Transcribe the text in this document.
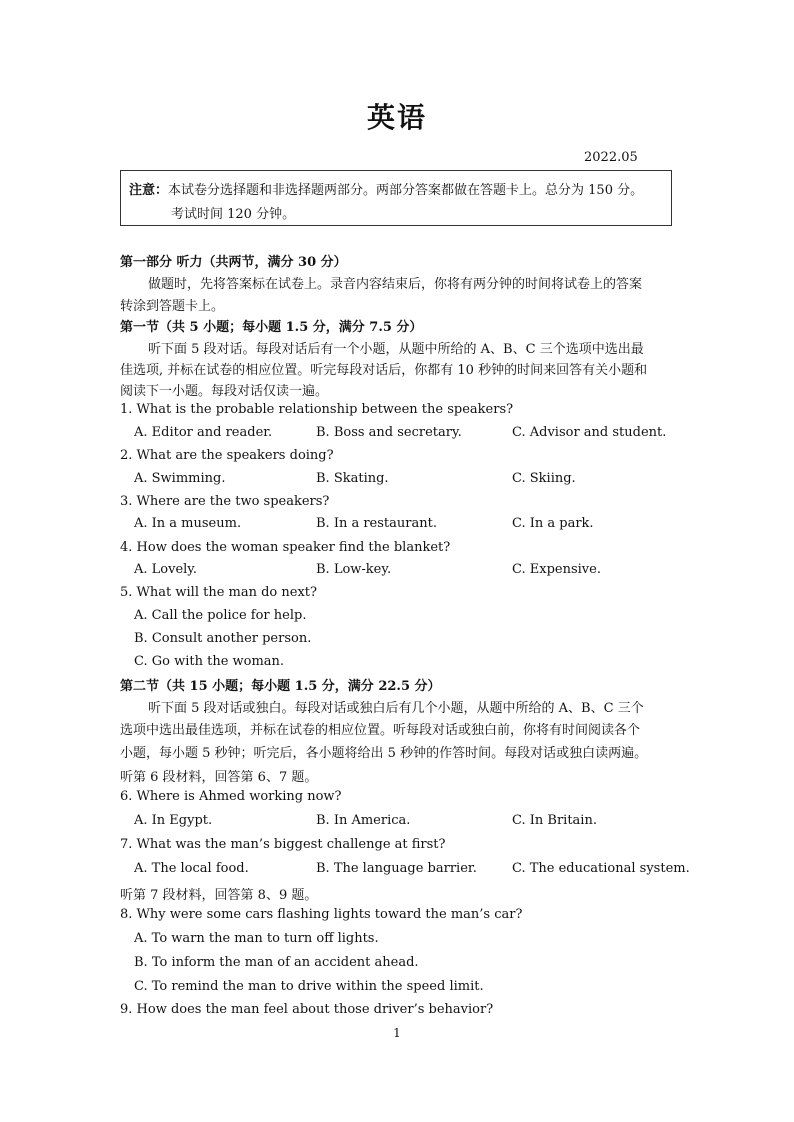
英语
2022.05
注意：本试卷分选择题和非选择题两部分。两部分答案都做在答题卡上。总分为 150 分。
考试时间 120 分钟。
第一部分 听力（共两节，满分 30 分）
做题时，先将答案标在试卷上。录音内容结束后，你将有两分钟的时间将试卷上的答案
转涂到答题卡上。
第一节（共 5 小题；每小题 1.5 分，满分 7.5 分）
听下面 5 段对话。每段对话后有一个小题，从题中所给的 A、B、C 三个选项中选出最
佳选项, 并标在试卷的相应位置。听完每段对话后，你都有 10 秒钟的时间来回答有关小题和
阅读下一小题。每段对话仅读一遍。
1. What is the probable relationship between the speakers?
A. Editor and reader.	B. Boss and secretary.	C. Advisor and student.
2. What are the speakers doing?
A. Swimming.	B. Skating.	C. Skiing.
3. Where are the two speakers?
A. In a museum.	B. In a restaurant.	C. In a park.
4. How does the woman speaker find the blanket?
A. Lovely.	B. Low-key.	C. Expensive.
5. What will the man do next?
A. Call the police for help.
B. Consult another person.
C. Go with the woman.
第二节（共 15 小题；每小题 1.5 分，满分 22.5 分）
听下面 5 段对话或独白。每段对话或独白后有几个小题，从题中所给的 A、B、C 三个
选项中选出最佳选项，并标在试卷的相应位置。听每段对话或独白前，你将有时间阅读各个
小题，每小题 5 秒钟；听完后，各小题将给出 5 秒钟的作答时间。每段对话或独白读两遍。
听第 6 段材料，回答第 6、7 题。
6. Where is Ahmed working now?
A. In Egypt.	B. In America.	C. In Britain.
7. What was the man’s biggest challenge at first?
A. The local food.	B. The language barrier.	C. The educational system.
听第 7 段材料，回答第 8、9 题。
8. Why were some cars flashing lights toward the man’s car?
A. To warn the man to turn off lights.
B. To inform the man of an accident ahead.
C. To remind the man to drive within the speed limit.
9. How does the man feel about those driver’s behavior?
1
